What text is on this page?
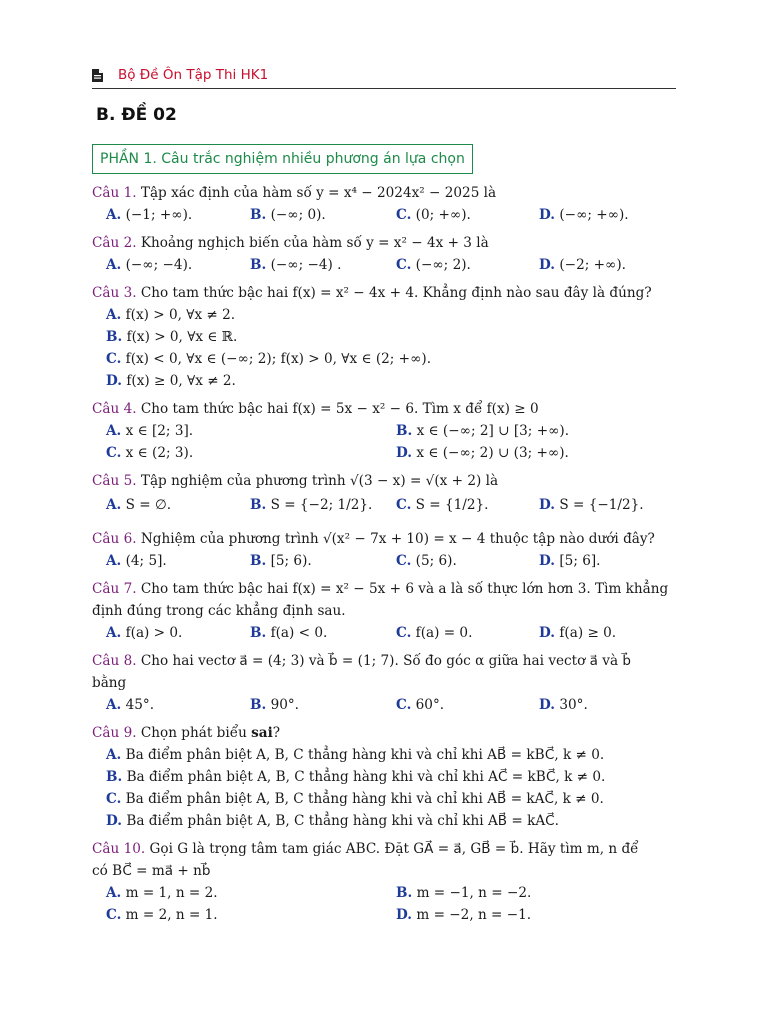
Bộ Đề Ôn Tập Thi HK1
B. ĐỀ 02
PHẦN 1. Câu trắc nghiệm nhiều phương án lựa chọn
Câu 1. Tập xác định của hàm số y = x⁴ − 2024x² − 2025 là
A. (−1; +∞).	B. (−∞; 0).	C. (0; +∞).	D. (−∞; +∞).
Câu 2. Khoảng nghịch biến của hàm số y = x² − 4x + 3 là
A. (−∞; −4).	B. (−∞; −4) .	C. (−∞; 2).	D. (−2; +∞).
Câu 3. Cho tam thức bậc hai f(x) = x² − 4x + 4. Khẳng định nào sau đây là đúng?
A. f(x) > 0, ∀x ≠ 2.
B. f(x) > 0, ∀x ∈ ℝ.
C. f(x) < 0, ∀x ∈ (−∞; 2); f(x) > 0, ∀x ∈ (2; +∞).
D. f(x) ≥ 0, ∀x ≠ 2.
Câu 4. Cho tam thức bậc hai f(x) = 5x − x² − 6. Tìm x để f(x) ≥ 0
A. x ∈ [2; 3].	B. x ∈ (−∞; 2] ∪ [3; +∞).
C. x ∈ (2; 3).	D. x ∈ (−∞; 2) ∪ (3; +∞).
Câu 5. Tập nghiệm của phương trình √(3 − x) = √(x + 2) là
A. S = ∅.	B. S = {−2; 1/2}. C. S = {1/2}.	D. S = {−1/2}.
Câu 6. Nghiệm của phương trình √(x² − 7x + 10) = x − 4 thuộc tập nào dưới đây?
A. (4; 5].	B. [5; 6).	C. (5; 6).	D. [5; 6].
Câu 7. Cho tam thức bậc hai f(x) = x² − 5x + 6 và a là số thực lớn hơn 3. Tìm khẳng
định đúng trong các khẳng định sau.
A. f(a) > 0.	B. f(a) < 0.	C. f(a) = 0.	D. f(a) ≥ 0.
Câu 8. Cho hai vectơ a⃗ = (4; 3) và b⃗ = (1; 7). Số đo góc α giữa hai vectơ a⃗ và b⃗
bằng
A. 45°.	B. 90°.	C. 60°.	D. 30°.
Câu 9. Chọn phát biểu sai?
A. Ba điểm phân biệt A, B, C thẳng hàng khi và chỉ khi AB⃗ = kBC⃗, k ≠ 0.
B. Ba điểm phân biệt A, B, C thẳng hàng khi và chỉ khi AC⃗ = kBC⃗, k ≠ 0.
C. Ba điểm phân biệt A, B, C thẳng hàng khi và chỉ khi AB⃗ = kAC⃗, k ≠ 0.
D. Ba điểm phân biệt A, B, C thẳng hàng khi và chỉ khi AB⃗ = kAC⃗.
Câu 10. Gọi G là trọng tâm tam giác ABC. Đặt GA⃗ = a⃗, GB⃗ = b⃗. Hãy tìm m, n để
có BC⃗ = ma⃗ + nb⃗
A. m = 1, n = 2.	B. m = −1, n = −2.
C. m = 2, n = 1.	D. m = −2, n = −1.
